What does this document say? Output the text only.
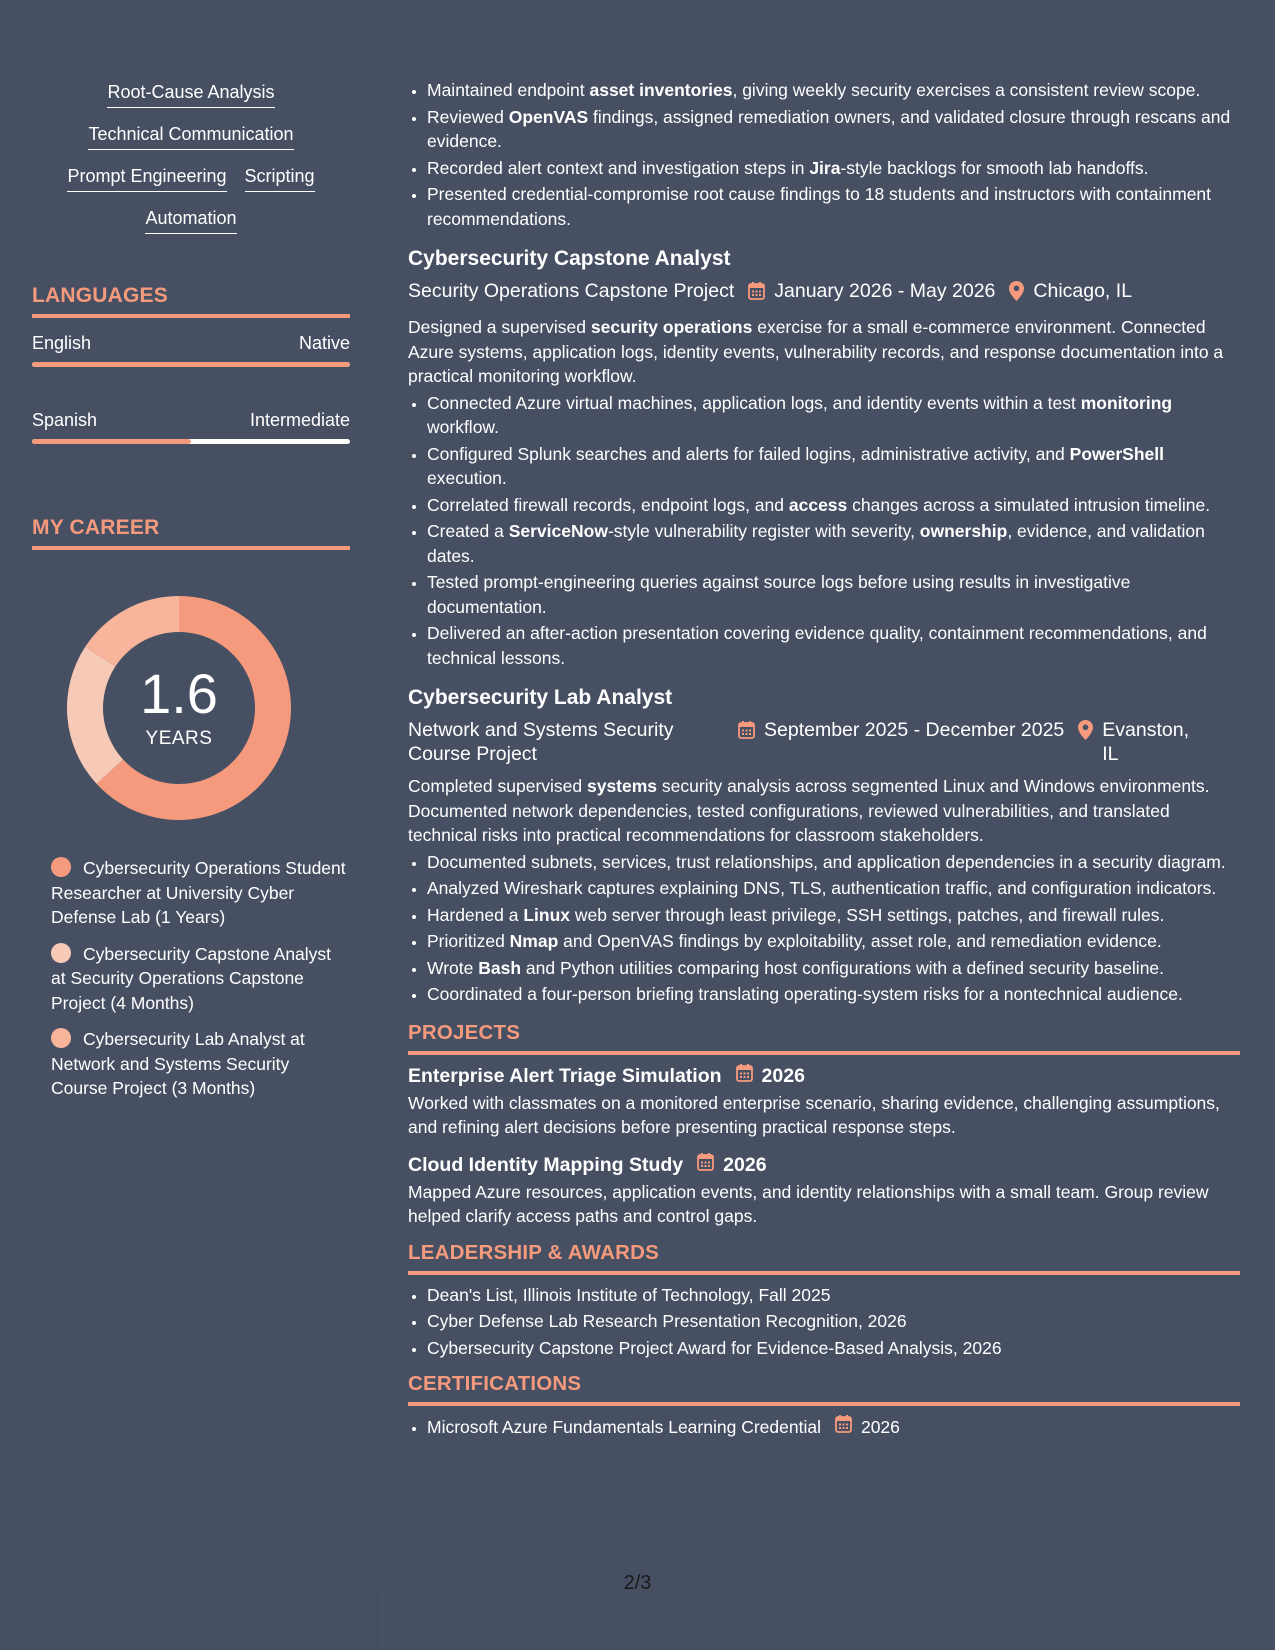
Root-Cause Analysis
Technical Communication
Prompt Engineering Scripting
Automation
LANGUAGES
English	Native
Spanish	Intermediate
MY CAREER
1.6
YEARS
Cybersecurity Operations Student Researcher at University Cyber Defense Lab (1 Years)
Cybersecurity Capstone Analyst at Security Operations Capstone Project (4 Months)
Cybersecurity Lab Analyst at Network and Systems Security Course Project (3 Months)
• Maintained endpoint asset inventories, giving weekly security exercises a consistent review scope.
• Reviewed OpenVAS findings, assigned remediation owners, and validated closure through rescans and evidence.
• Recorded alert context and investigation steps in Jira-style backlogs for smooth lab handoffs.
• Presented credential-compromise root cause findings to 18 students and instructors with containment recommendations.
Cybersecurity Capstone Analyst
Security Operations Capstone Project January 2026 - May 2026 Chicago, IL

Designed a supervised security operations exercise for a small e-commerce environment. Connected Azure systems, application logs, identity events, vulnerability records, and response documentation into a practical monitoring workflow.

• Connected Azure virtual machines, application logs, and identity events within a test monitoring workflow.
• Configured Splunk searches and alerts for failed logins, administrative activity, and PowerShell execution.
• Correlated firewall records, endpoint logs, and access changes across a simulated intrusion timeline.
• Created a ServiceNow-style vulnerability register with severity, ownership, evidence, and validation dates.
• Tested prompt-engineering queries against source logs before using results in investigative documentation.
• Delivered an after-action presentation covering evidence quality, containment recommendations, and technical lessons.
Cybersecurity Lab Analyst
Network and Systems Security Course Project
September 2025 - December 2025 Evanston, IL

Completed supervised systems security analysis across segmented Linux and Windows environments. Documented network dependencies, tested configurations, reviewed vulnerabilities, and translated technical risks into practical recommendations for classroom stakeholders.

• Documented subnets, services, trust relationships, and application dependencies in a security diagram.
• Analyzed Wireshark captures explaining DNS, TLS, authentication traffic, and configuration indicators.
• Hardened a Linux web server through least privilege, SSH settings, patches, and firewall rules.
• Prioritized Nmap and OpenVAS findings by exploitability, asset role, and remediation evidence.
• Wrote Bash and Python utilities comparing host configurations with a defined security baseline.
• Coordinated a four-person briefing translating operating-system risks for a nontechnical audience.
PROJECTS
Enterprise Alert Triage Simulation 2026

Worked with classmates on a monitored enterprise scenario, sharing evidence, challenging assumptions, and refining alert decisions before presenting practical response steps.

Cloud Identity Mapping Study 2026

Mapped Azure resources, application events, and identity relationships with a small team. Group review helped clarify access paths and control gaps.

LEADERSHIP & AWARDS
• Dean's List, Illinois Institute of Technology, Fall 2025
• Cyber Defense Lab Research Presentation Recognition, 2026
• Cybersecurity Capstone Project Award for Evidence-Based Analysis, 2026
CERTIFICATIONS
• Microsoft Azure Fundamentals Learning Credential 2026
2/3
